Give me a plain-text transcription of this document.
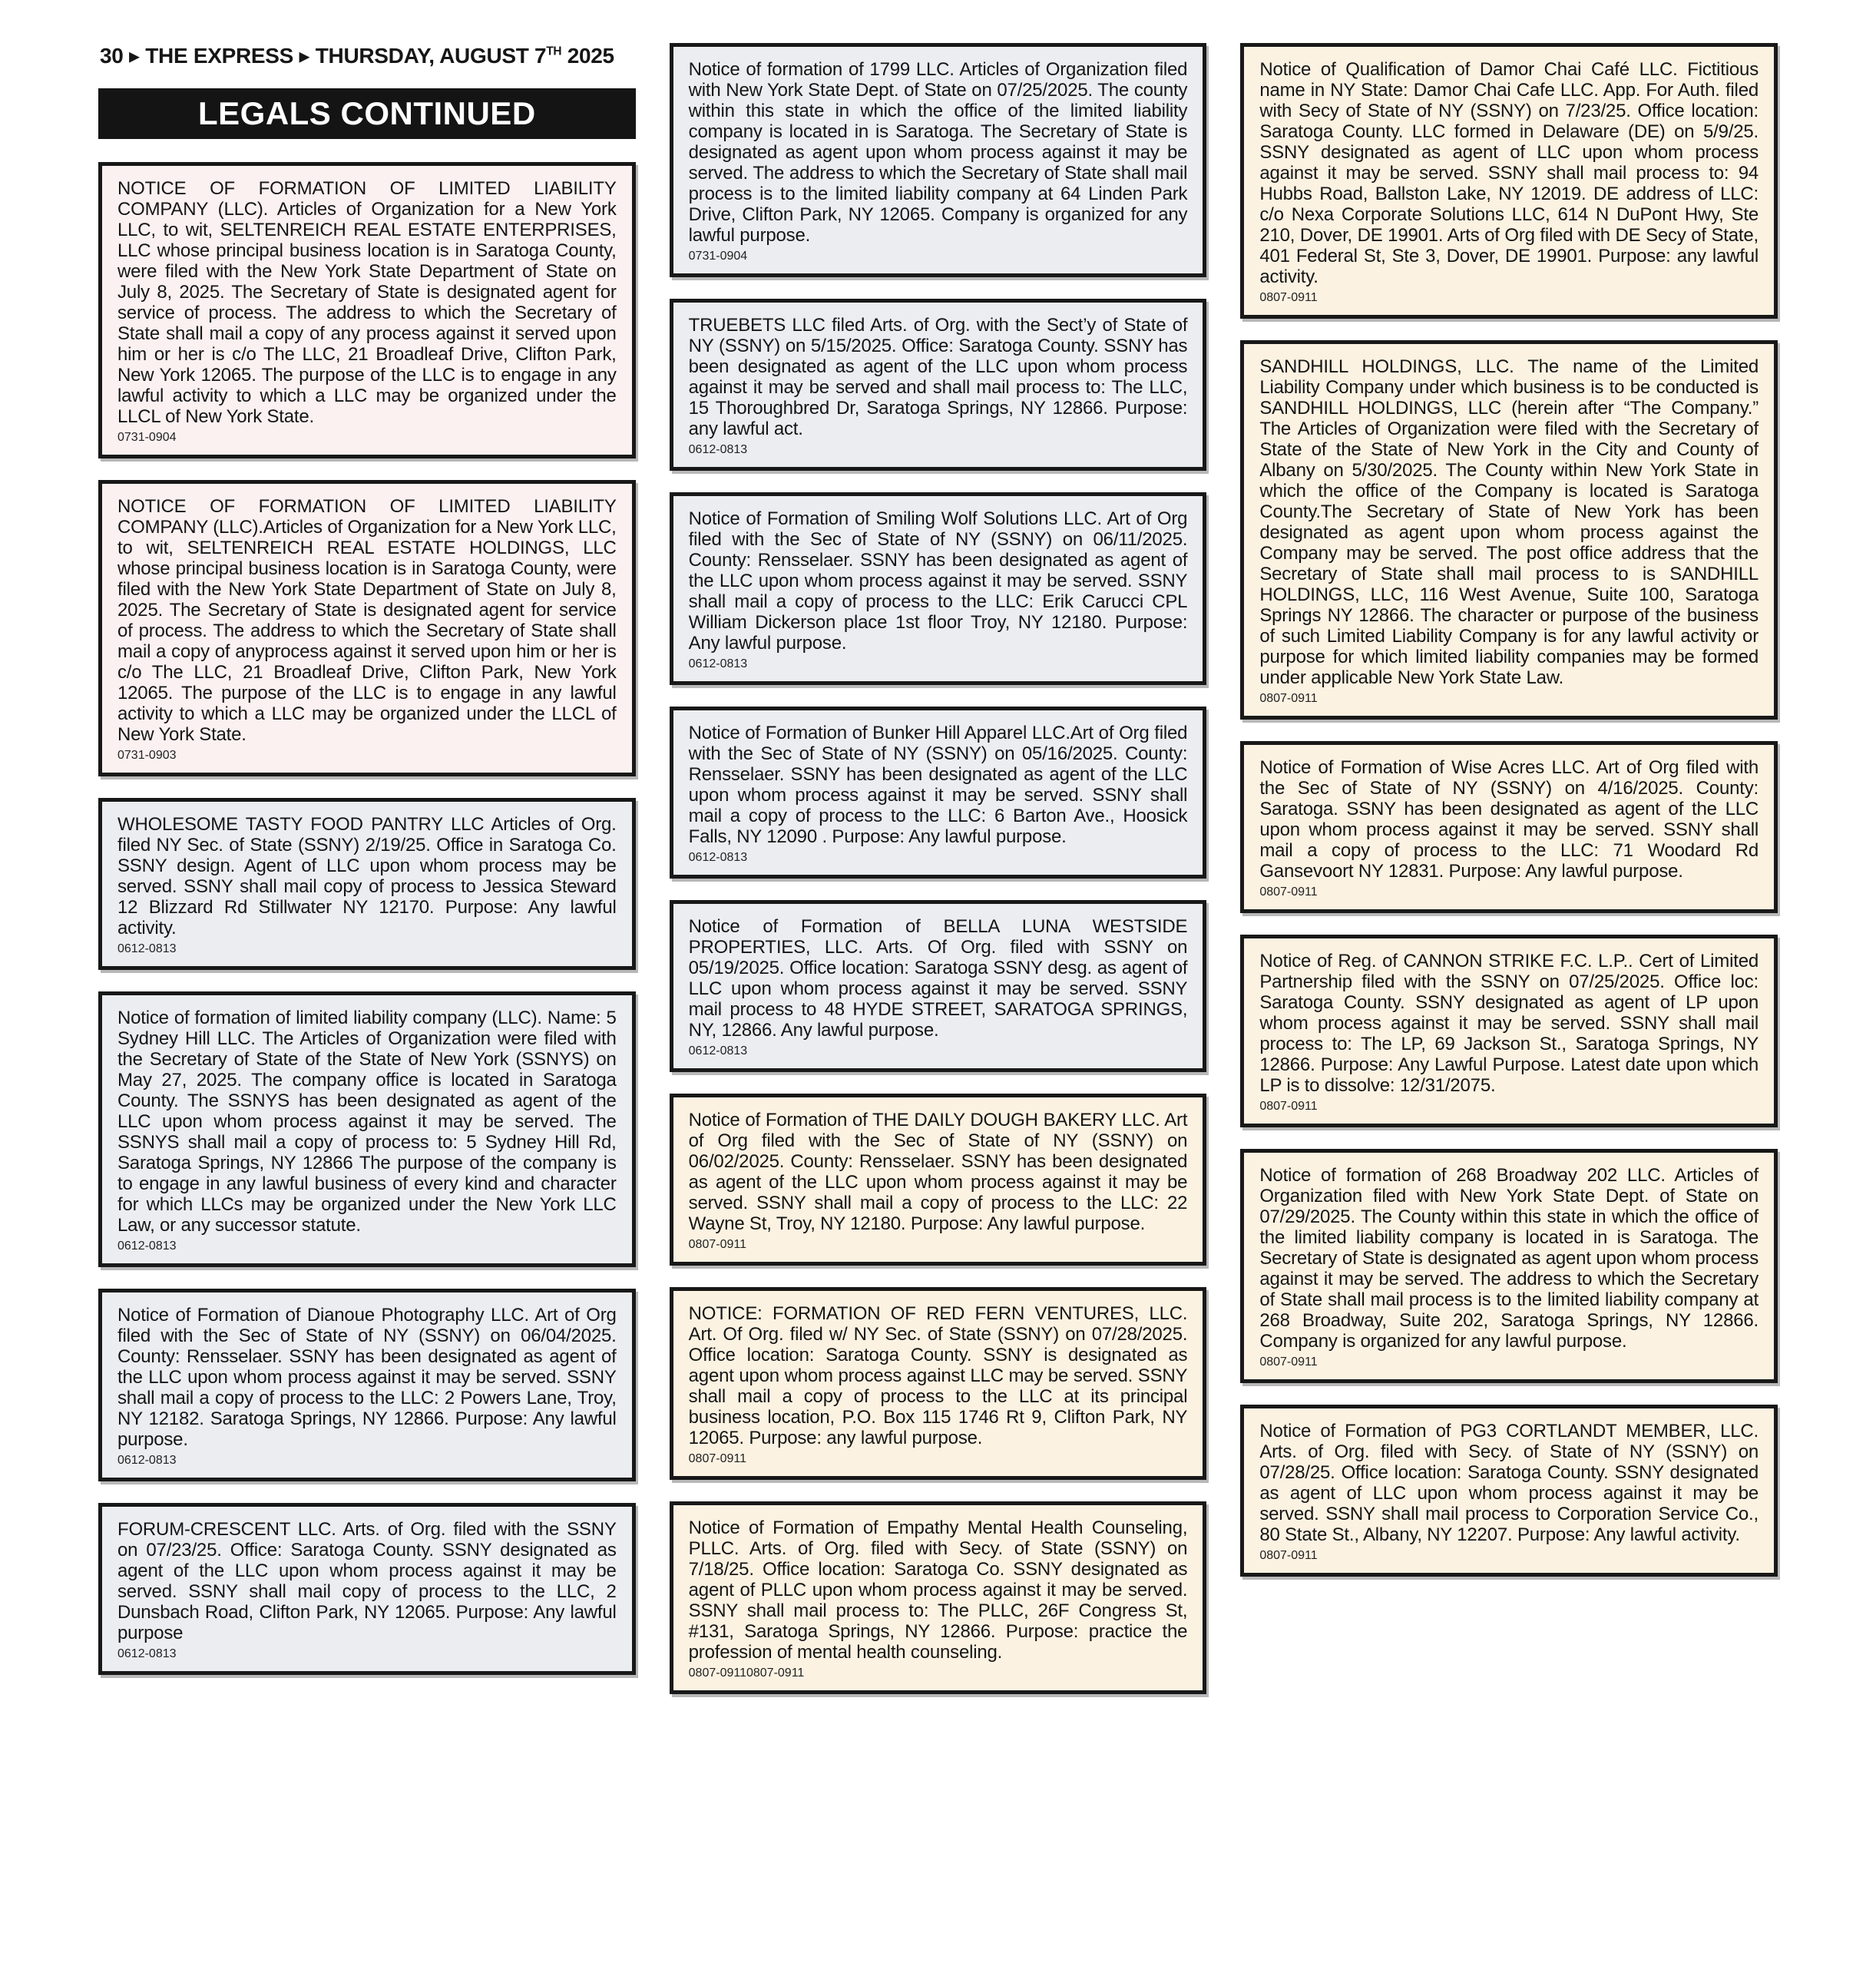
30 ▸ THE EXPRESS ▸ THURSDAY, AUGUST 7TH 2025
LEGALS CONTINUED
NOTICE OF FORMATION OF LIMITED LIABILITY COMPANY (LLC). Articles of Organization for a New York LLC, to wit, SELTENREICH REAL ESTATE ENTERPRISES, LLC whose principal business location is in Saratoga County, were filed with the New York State Department of State on July 8, 2025. The Secretary of State is designated agent for service of process. The address to which the Secretary of State shall mail a copy of any process against it served upon him or her is c/o The LLC, 21 Broadleaf Drive, Clifton Park, New York 12065. The purpose of the LLC is to engage in any lawful activity to which a LLC may be organized under the LLCL of New York State.
0731-0904
NOTICE OF FORMATION OF LIMITED LIABILITY COMPANY (LLC).Articles of Organization for a New York LLC, to wit, SELTENREICH REAL ESTATE HOLDINGS, LLC whose principal business location is in Saratoga County, were filed with the New York State Department of State on July 8, 2025. The Secretary of State is designated agent for service of process. The address to which the Secretary of State shall mail a copy of anyprocess against it served upon him or her is c/o The LLC, 21 Broadleaf Drive, Clifton Park, New York 12065. The purpose of the LLC is to engage in any lawful activity to which a LLC may be organized under the LLCL of New York State.
0731-0903
WHOLESOME TASTY FOOD PANTRY LLC Articles of Org. filed NY Sec. of State (SSNY) 2/19/25. Office in Saratoga Co. SSNY design. Agent of LLC upon whom process may be served. SSNY shall mail copy of process to Jessica Steward 12 Blizzard Rd Stillwater NY 12170. Purpose: Any lawful activity.
0612-0813
Notice of formation of limited liability company (LLC). Name: 5 Sydney Hill LLC. The Articles of Organization were filed with the Secretary of State of the State of New York (SSNYS) on May 27, 2025. The company office is located in Saratoga County. The SSNYS has been designated as agent of the LLC upon whom process against it may be served. The SSNYS shall mail a copy of process to: 5 Sydney Hill Rd, Saratoga Springs, NY 12866 The purpose of the company is to engage in any lawful business of every kind and character for which LLCs may be organized under the New York LLC Law, or any successor statute.
0612-0813
Notice of Formation of Dianoue Photography LLC. Art of Org filed with the Sec of State of NY (SSNY) on 06/04/2025. County: Rensselaer. SSNY has been designated as agent of the LLC upon whom process against it may be served. SSNY shall mail a copy of process to the LLC: 2 Powers Lane, Troy, NY 12182. Saratoga Springs, NY 12866. Purpose: Any lawful purpose.
0612-0813
FORUM-CRESCENT LLC. Arts. of Org. filed with the SSNY on 07/23/25. Office: Saratoga County. SSNY designated as agent of the LLC upon whom process against it may be served. SSNY shall mail copy of process to the LLC, 2 Dunsbach Road, Clifton Park, NY 12065. Purpose: Any lawful purpose
0612-0813
Notice of formation of 1799 LLC. Articles of Organization filed with New York State Dept. of State on 07/25/2025. The county within this state in which the office of the limited liability company is located in is Saratoga. The Secretary of State is designated as agent upon whom process against it may be served. The address to which the Secretary of State shall mail process is to the limited liability company at 64 Linden Park Drive, Clifton Park, NY 12065. Company is organized for any lawful purpose.
0731-0904
TRUEBETS LLC filed Arts. of Org. with the Sect’y of State of NY (SSNY) on 5/15/2025. Office: Saratoga County. SSNY has been designated as agent of the LLC upon whom process against it may be served and shall mail process to: The LLC, 15 Thoroughbred Dr, Saratoga Springs, NY 12866. Purpose: any lawful act.
0612-0813
Notice of Formation of Smiling Wolf Solutions LLC. Art of Org filed with the Sec of State of NY (SSNY) on 06/11/2025. County: Rensselaer. SSNY has been designated as agent of the LLC upon whom process against it may be served. SSNY shall mail a copy of process to the LLC: Erik Carucci CPL William Dickerson place 1st floor Troy, NY 12180. Purpose: Any lawful purpose.
0612-0813
Notice of Formation of Bunker Hill Apparel LLC.Art of Org filed with the Sec of State of NY (SSNY) on 05/16/2025. County: Rensselaer. SSNY has been designated as agent of the LLC upon whom process against it may be served. SSNY shall mail a copy of process to the LLC: 6 Barton Ave., Hoosick Falls, NY 12090 . Purpose: Any lawful purpose.
0612-0813
Notice of Formation of BELLA LUNA WESTSIDE PROPERTIES, LLC. Arts. Of Org. filed with SSNY on 05/19/2025. Office location: Saratoga SSNY desg. as agent of LLC upon whom process against it may be served. SSNY mail process to 48 HYDE STREET, SARATOGA SPRINGS, NY, 12866. Any lawful purpose.
0612-0813
Notice of Formation of THE DAILY DOUGH BAKERY LLC. Art of Org filed with the Sec of State of NY (SSNY) on 06/02/2025. County: Rensselaer. SSNY has been designated as agent of the LLC upon whom process against it may be served. SSNY shall mail a copy of process to the LLC: 22 Wayne St, Troy, NY 12180. Purpose: Any lawful purpose.
0807-0911
NOTICE: FORMATION OF RED FERN VENTURES, LLC. Art. Of Org. filed w/ NY Sec. of State (SSNY) on 07/28/2025. Office location: Saratoga County. SSNY is designated as agent upon whom process against LLC may be served. SSNY shall mail a copy of process to the LLC at its principal business location, P.O. Box 115 1746 Rt 9, Clifton Park, NY 12065. Purpose: any lawful purpose.
0807-0911
Notice of Formation of Empathy Mental Health Counseling, PLLC. Arts. of Org. filed with Secy. of State (SSNY) on 7/18/25. Office location: Saratoga Co. SSNY designated as agent of PLLC upon whom process against it may be served. SSNY shall mail process to: The PLLC, 26F Congress St, #131, Saratoga Springs, NY 12866. Purpose: practice the profession of mental health counseling.
0807-09110807-0911
Notice of Qualification of Damor Chai Café LLC. Fictitious name in NY State: Damor Chai Cafe LLC. App. For Auth. filed with Secy of State of NY (SSNY) on 7/23/25. Office location: Saratoga County. LLC formed in Delaware (DE) on 5/9/25. SSNY designated as agent of LLC upon whom process against it may be served. SSNY shall mail process to: 94 Hubbs Road, Ballston Lake, NY 12019. DE address of LLC: c/o Nexa Corporate Solutions LLC, 614 N DuPont Hwy, Ste 210, Dover, DE 19901. Arts of Org filed with DE Secy of State, 401 Federal St, Ste 3, Dover, DE 19901. Purpose: any lawful activity.
0807-0911
SANDHILL HOLDINGS, LLC. The name of the Limited Liability Company under which business is to be conducted is SANDHILL HOLDINGS, LLC (herein after “The Company.” The Articles of Organization were filed with the Secretary of State of the State of New York in the City and County of Albany on 5/30/2025. The County within New York State in which the office of the Company is located is Saratoga County.The Secretary of State of New York has been designated as agent upon whom process against the Company may be served. The post office address that the Secretary of State shall mail process to is SANDHILL HOLDINGS, LLC, 116 West Avenue, Suite 100, Saratoga Springs NY 12866. The character or purpose of the business of such Limited Liability Company is for any lawful activity or purpose for which limited liability companies may be formed under applicable New York State Law.
0807-0911
Notice of Formation of Wise Acres LLC. Art of Org filed with the Sec of State of NY (SSNY) on 4/16/2025. County: Saratoga. SSNY has been designated as agent of the LLC upon whom process against it may be served. SSNY shall mail a copy of process to the LLC: 71 Woodard Rd Gansevoort NY 12831. Purpose: Any lawful purpose.
0807-0911
Notice of Reg. of CANNON STRIKE F.C. L.P.. Cert of Limited Partnership filed with the SSNY on 07/25/2025. Office loc: Saratoga County. SSNY designated as agent of LP upon whom process against it may be served. SSNY shall mail process to: The LP, 69 Jackson St., Saratoga Springs, NY 12866. Purpose: Any Lawful Purpose. Latest date upon which LP is to dissolve: 12/31/2075.
0807-0911
Notice of formation of 268 Broadway 202 LLC. Articles of Organization filed with New York State Dept. of State on 07/29/2025. The County within this state in which the office of the limited liability company is located in is Saratoga. The Secretary of State is designated as agent upon whom process against it may be served. The address to which the Secretary of State shall mail process is to the limited liability company at 268 Broadway, Suite 202, Saratoga Springs, NY 12866. Company is organized for any lawful purpose.
0807-0911
Notice of Formation of PG3 CORTLANDT MEMBER, LLC. Arts. of Org. filed with Secy. of State of NY (SSNY) on 07/28/25. Office location: Saratoga County. SSNY designated as agent of LLC upon whom process against it may be served. SSNY shall mail process to Corporation Service Co., 80 State St., Albany, NY 12207. Purpose: Any lawful activity.
0807-0911
